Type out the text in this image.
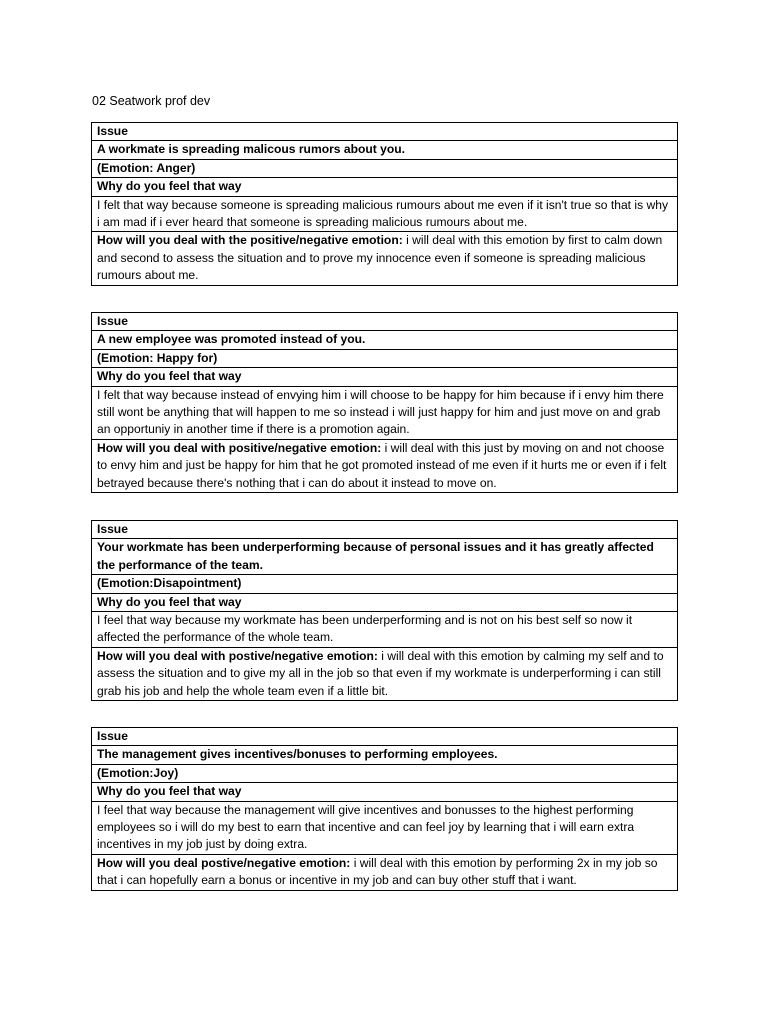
02 Seatwork prof dev
Issue
A workmate is spreading malicous rumors about you.
(Emotion: Anger)
Why do you feel that way
I felt that way because someone is spreading malicious rumours about me even if it isn't true so that is why i am mad if i ever heard that someone is spreading malicious rumours about me.
How will you deal with the positive/negative emotion: i will deal with this emotion by first to calm down and second to assess the situation and to prove my innocence even if someone is spreading malicious rumours about me.
Issue
A new employee was promoted instead of you.
(Emotion: Happy for)
Why do you feel that way
I felt that way because instead of envying him i will choose to be happy for him because if i envy him there still wont be anything that will happen to me so instead i will just happy for him and just move on and grab an opportuniy in another time if there is a promotion again.
How will you deal with positive/negative emotion: i will deal with this just by moving on and not choose to envy him and just be happy for him that he got promoted instead of me even if it hurts me or even if i felt betrayed because there's nothing that i can do about it instead to move on.
Issue
Your workmate has been underperforming because of personal issues and it has greatly affected the performance of the team.
(Emotion:Disapointment)
Why do you feel that way
I feel that way because my workmate has been underperforming and is not on his best self so now it affected the performance of the whole team.
How will you deal with postive/negative emotion: i will deal with this emotion by calming my self and to assess the situation and to give my all in the job so that even if my workmate is underperforming i can still grab his job and help the whole team even if a little bit.
Issue
The management gives incentives/bonuses to performing employees.
(Emotion:Joy)
Why do you feel that way
I feel that way because the management will give incentives and bonusses to the highest performing employees so i will do my best to earn that incentive and can feel joy by learning that i will earn extra incentives in my job just by doing extra.
How will you deal postive/negative emotion: i will deal with this emotion by performing 2x in my job so that i can hopefully earn a bonus or incentive in my job and can buy other stuff that i want.
